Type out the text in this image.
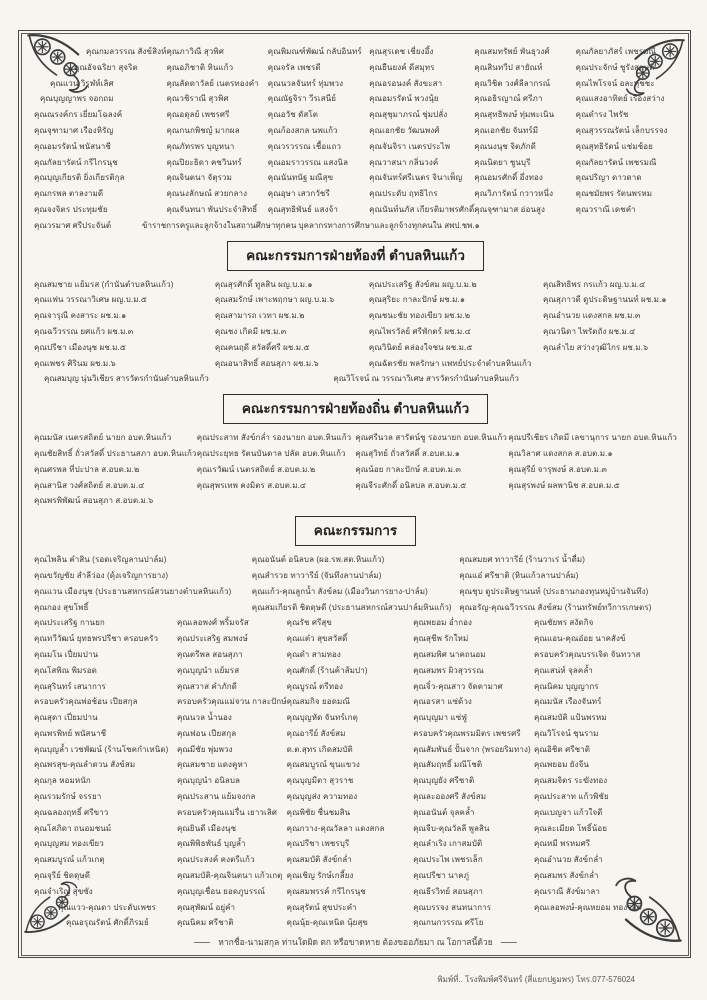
คุณกมลวรรณ สังข์สิงห์ คุณภาวิณี สุวพิศ	คุณพิมณฑ์พัฒน์ กลับอินทร์ คุณสุรเดช เชี่ยงอึ้ง	คุณสมทรัพย์ พันธุวงศ์	คุณกัลยาภัสร์ เพชรมณี
คุณอัจฉริยา สุจริต	คุณอภิชาติ หินแก้ว	คุณจรัล เพชรดี	คุณยืนยงค์ ดีสมุทร	คุณสินทวีป สายัณห์	คุณประจักษ์ ชูรังสฤษดิ์
คุณแวน วิรุฬห์เลิศ	คุณลัดดาวัลย์ เนตรทองคำ	คุณนวลจันทร์ ทุ่มพวง	คุณอรอนงค์ สังขะสา	คุณวิชิต วงศ์ลีลากรณ์	คุณไพโรจน์ อละหุชชะ
คุณบุญญาพร จอกถม	คุณวชิราณี สุวพิศ	คุณณัฐจิรา วีรเสนีย์	คุณอมรรัตน์ พวงนุ้ย	คุณอธิรญาณ์ ศรีภา	คุณแสงอาทิตย์ เรืองสว่าง
คุณณรงค์กร เยี่ยมโฉลงค์	คุณอดุลย์ เพชรศรี	คุณอวัช ดัสโต	คุณสุชุมาภรณ์ ชุ่มปลั่ง	คุณสุทธิพงษ์ ทุ่มพะเนิน	คุณดำรง ไพรัช
คุณจุฑามาศ เรืองหิรัญ	คุณกนกพิชญ์ มากผล	คุณก้องสกล นพแก้ว	คุณเอกชัย วัฒนพงศ์	คุณเอกชัย จันทร์มี	คุณสุวรรณรัตน์ เล็กบรรจง
คุณอมรรัตน์ พนัสนาชี	คุณภัทรพร บุญหนา	คุณวรวรรณ เชื้อแถว	คุณจันจิรา เนตรประไพ	คุณนงนุช จิตภักดี	คุณสุทธิรัตน์ แช่มช้อย
คุณกัลยารัตน์ กรีไกรนุช	คุณปิยะธิดา คชวินทร์	คุณอมราวรรณ แสงนิล	คุณวาสนา กลิ่นวงค์	คุณนิตยา ชูนบุรี	คุณกัลยารัตน์ เพชรมณี
คุณบุญเกียรติ ยิ่งเกียรติกุล	คุณจินตนา จัตุรวม	คุณนันทนัฐ มณีสุข	คุณจันทร์ศรีเนตร จินาเพ็ญ	คุณอมรศักดิ์ อึ่งทอง	คุณปริญา ดาวดาด
คุณกรพล ตาลงามดี	คุณนงลักษณ์ สวยกลาง	คุณอุษา เสวกวัชรี	คุณประดับ ฤทธิไกร	คุณวิภารัตน์ กวาวหนึ่ง	คุณชมัยพร รัตนพรหม
คุณจงจิตร ประทุมชัย	คุณจันทนา พันประจำสิทธิ์	คุณสุทธิพันธ์ แสงจ้า	คุณนันท์นภัส เกียรติมาพรศักดิ์ คุณจุฑามาส อ่อนสูง	คุณวราณี เดชคำ
คุณวรมาศ ศรีประจันต์	ข้าราชการครูและลูกจ้างในสถานศึกษาทุกคน บุคลากรทางการศึกษาและลูกจ้างทุกคนใน สพป.ชพ.๑
คณะกรรมการฝ่ายท้องที่ ตำบลหินแก้ว
คุณสมชาย แย้มรส (กำนันตำบลหินแก้ว)	คุณสุรศักดิ์ ทูลสิน ผญ.บ.ม.๑	คุณประเสริฐ สังข์สม ผญ.บ.ม.๒	คุณสิทธิพร กรแก้ว ผญ.บ.ม.๔
คุณแฟน วรรณาวิเศษ ผญ.บ.ม.๕	คุณสมรักษ์ เพาะพฤกษา ผญ.บ.ม.๖	คุณสุริยะ กาละปักษ์ ผช.ม.๑	คุณสุภาวดี ดูประดิษฐานนท์ ผช.ม.๑
คุณจารุณี คงสาระ ผช.ม.๑	คุณสามารถ เวทา ผช.ม.๒	คุณชนะชัย ทองเขียว ผช.ม.๒	คุณอำนวย แดงสกล ผช.ม.๓
คุณฉวีวรรณ ยศแก้ว ผช.ม.๓	คุณชง เกิดมี ผช.ม.๓	คุณไพรวัลย์ ศรีพักตร์ ผช.ม.๔	คุณวนิดา ไพรัตถัง ผช.ม.๔
คุณปรีชา เมืองนุช ผช.ม.๕	คุณคนฤดี สวัสดิ์ศรี ผช.ม.๕	คุณวินิตย์ คล่องใจชน ผช.ม.๕	คุณลำไย สว่างวุฒิไกร ผช.ม.๖
คุณเพชร ศิรินม ผช.ม.๖	คุณอนาสิทธิ์ สอนสุภา ผช.ม.๖	คุณฉัตรชัย พลรักษา แพทย์ประจำตำบลหินแก้ว
คุณสมบุญ นุ่นวิเชียร สารวัตรกำนันตำบลหินแก้ว	คุณวิโรจน์ ณ วรรณาวิเศษ สารวัตรกำนันตำบลหินแก้ว
คณะกรรมการฝ่ายท้องถิ่น ตำบลหินแก้ว
คุณมนัส เนตรสถิตย์ นายก อบต.หินแก้ว	คุณประสาท สังข์กล่ำ รองนายก อบต.หินแก้ว คุณศรีนวล สารัตน์ชู รองนายก อบต.หินแก้ว คุณปรีเชียร เกิดมี เลขานุการ นายก อบต.หินแก้ว
คุณชัยสิทธิ์ ถั่วสวัสดิ์ ประธานสภา อบต.หินแก้ว คุณประยุทธ รัตนบันดาล ปลัด อบต.หินแก้ว	คุณสุวิทย์ ถั่วสวัสดิ์ ส.อบต.ม.๑	คุณวิลาศ แดงสกล ส.อบต.ม.๑
คุณศรพล ที่ปะปาล ส.อบต.ม.๒	คุณเรวัฒน์ เนตรสถิตย์ ส.อบต.ม.๒	คุณน้อย กาละปักษ์ ส.อบต.ม.๓	คุณสุรีย์ จารุพงษ์ ส.อบต.ม.๓
คุณสานิส วงศ์สถิตย์ ส.อบต.ม.๔	คุณสุพรเทพ คงมิตร ส.อบต.ม.๔	คุณจีระศักดิ์ อนิลบล ส.อบต.ม.๕	คุณสุรพงษ์ ผลพานิช ส.อบต.ม.๕
คุณพรพิพัฒน์ สอนสุภา ส.อบต.ม.๖
คณะกรรมการ
คุณไพลิน คำสิน (รอดเจริญลานปาล์ม)	คุณอนันต์ อนิลบล (ผอ.รพ.สต.หินแก้ว)	คุณสมยศ ทาวารีย์ (ร้านวาเร่ น้ำดื่ม)
คุณขวัญชัย สำลีว่อง (ดุ้งเจริญการยาง)	คุณสำรวย ทาวารีย์ (จันทึงลานปาล์ม)	คุณแอ๋ ศรีชาติ (หินแก้วลานปาล์ม)
คุณแวน เมืองนุช (ประธานสหกรณ์สวนยางตำบลหินแก้ว)	คุณแก้ว-คุณลูกน้ำ สังข์ลม (เมืองวินการยาง-ปาล์ม)	คุณชุบ ดูประดิษฐานนท์ (ประธานกองทุนหมู่บ้านจันทึง)
คุณกอง สุขโพธิ์	คุณสมเกียรติ ชิดดุษดี (ประธานสหกรณ์สวนปาล์มหินแก้ว) คุณอรัญ-คุณฉวีวรรณ สังข์สม (ร้านทรัพย์ทวีการเกษตร)
คุณประเสริฐ กานยก	คุณเลอพงศ์ พริ้มจรัส	คุณรัช ศรีสุข	คุณพยอม อ่ำกอง	คุณชัยพร สงัดกิจ
คุณทวีวัฒน์ ยุทธพรปรีชา ครอบครัว	คุณประเสริฐ สมพงษ์	คุณแต๋ว สุขสวัสดิ์	คุณสุชีพ รักใหม่	คุณแอน-คุณอ๋อย นาคสังข์
คุณมโน เปี่ยมปาน	คุณตรีพล สอนสุภา	คุณดำ สามทอง	คุณสมพิศ นาคถนอม	ครอบครัวคุณบรรเจิด จันทวาส
คุณโสพิณ พิมรอด	คุณบุญนำ แย้มรส	คุณศักดิ์ (ร้านค้าส้มปา)	คุณสมพร ผิวสุวรรณ	คุณเสน่ห์ จุลคล้ำ
คุณสุรินทร์ เสนาการ	คุณสวาส คำภักดี	คุณบูรณ์ ตรีทอง	คุณจิ๋ว-คุณสาว จัดตามาศ	คุณนิคม บุญญากร
ครอบครัวคุณพ่อช้อน เปียสกุล	ครอบครัวคุณแม่จวน กาละปักษ์ คุณสมกิจ ยอดมณี	คุณอรสา แซ่ด้วง	คุณมนัส เรืองจันทร์
คุณสุดา เปี่ยมปาน	คุณนวล น้ำนอง	คุณบุญหัด จันทร์เกตุ	คุณบุญมา แซ่ฟู่	คุณสมบัติ แป้นพรหม
คุณพรพิทย์ พนัสนาชี	คุณฟอน เปียสกุล	คุณอารีย์ สังข์สม	ครอบครัวคุณพรมมิตร เพชรศรี	คุณวิโรจน์ ชุนราม
คุณบุญล้ำ เวชพัฒน์ (ร้านโชคกำเหนิด)	คุณมีชัย พุ่มพวง	ด.ต.สุทร เกิดสมบัติ	คุณสัมพันธ์ ปั้นจาก (พรอยริมทาง) คุณอิชิต ศรีชาติ
คุณพรสุข-คุณลำดวน สังข์สม	คุณสมชาย แดงคูหา	คุณสมบูรณ์ ขุนแขวง	คุณสัมฤทธิ์ มณีโชติ	คุณพยอม ยังจีน
คุณกุล หอมหนัก	คุณบุญนำ อนิลบล	คุณบุญมีตา สุวราช	คุณบุญยัง ศรีชาติ	คุณสมจิตร ระฆังทอง
คุณรวมรักษ์ จรรยา	คุณประสาน แย้มจงกล	คุณบุญส่ง ความทอง	คุณละอองศรี สังข์สม	คุณประสาท แก้วพิชัย
คุณฉลองฤทธิ์ ศรีขาว	ครอบครัวคุณแม่รื่น เยาวเลิศ	คุณพิชัย ชื่นชมสิน	คุณอนันต์ จุลคล้ำ	คุณเบญจา แก้วใจดี
คุณโสภิดา ถนอมชนม์	คุณยินดี เมืองนุช	คุณกวาง-คุณวัลลา แดงสกล	คุณจีบ-คุณวัลลี พูลสิน	คุณละเมียด โพธิ์น้อย
คุณบุญสม ทองเขียว	คุณพิพิธพันธ์ บุญล้ำ	คุณปรีชา เพชรบุรี	คุณลำเริง เกาสมบัติ	คุณหมี พรหมศรี
คุณสมบูรณ์ แก้วเกตุ	คุณประสงค์ คงตรีแก้ว	คุณสมบัติ สังข์กล่ำ	คุณประไพ เพชรเล็ก	คุณอำนวย สังข์กล่ำ
คุณจุรีย์ ชิดดุษดี	คุณสมบัติ-คุณจินตนา แก้วเกตุ คุณเชิญ รักษ์เกลี้ยง	คุณปรีชา นาคภู่	คุณสมพร สังข์กล่ำ
คุณจำเริญ สุขซัง	คุณบุญเชื่อน ยอดภูบรรณ์	คุณสมพรรค์ กรีไกรนุช	คุณธีรวิทย์ สอนสุภา	คุณราณี สังข์มาลา
คุณแวว-คุณดา ประดับเพชร	คุณสุพัฒน์ อยู่คำ	คุณสุรัตน์ สุขประคำ	คุณบรรจง สนทนาการ	คุณเลอพงษ์-คุณหยอม ทองรอด
คุณอรุณรัตน์ ศักดิ์ภิรมย์	คุณนิคม ศรีชาติ	คุณนุ้ย-คุณเหนิด นุ้ยสุข	คุณกนกวรรณ ศรีโย
หากชื่อ-นามสกุล ท่านใดผิด ตก หรือขาดหาย ต้องขออภัยมา ณ โอกาสนี้ด้วย
พิมพ์ที่.. โรงพิมพ์ศรีจันทร์ (สี่แยกปฐมพร) โทร.077-576024
